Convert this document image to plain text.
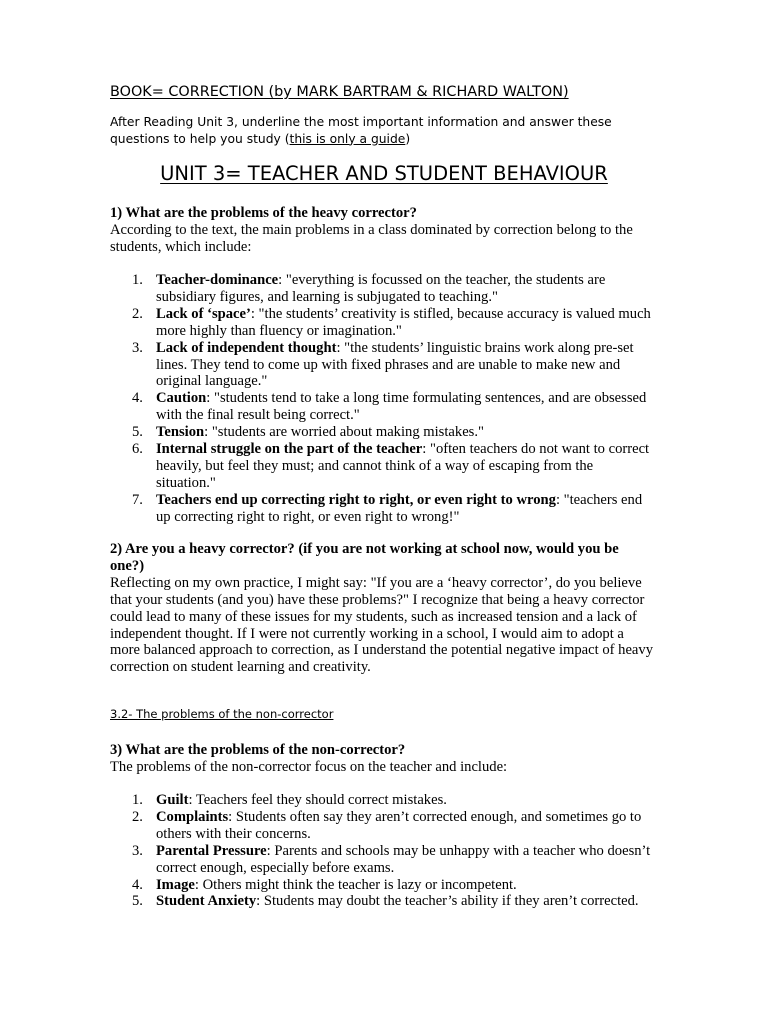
BOOK= CORRECTION (by MARK BARTRAM & RICHARD WALTON)
After Reading Unit 3, underline the most important information and answer these questions to help you study (this is only a guide)
UNIT 3= TEACHER AND STUDENT BEHAVIOUR
1) What are the problems of the heavy corrector?
According to the text, the main problems in a class dominated by correction belong to the students, which include:
1. Teacher-dominance: "everything is focussed on the teacher, the students are subsidiary figures, and learning is subjugated to teaching."
2. Lack of ‘space’: "the students’ creativity is stifled, because accuracy is valued much more highly than fluency or imagination."
3. Lack of independent thought: "the students’ linguistic brains work along pre-set lines. They tend to come up with fixed phrases and are unable to make new and original language."
4. Caution: "students tend to take a long time formulating sentences, and are obsessed with the final result being correct."
5. Tension: "students are worried about making mistakes."
6. Internal struggle on the part of the teacher: "often teachers do not want to correct heavily, but feel they must; and cannot think of a way of escaping from the situation."
7. Teachers end up correcting right to right, or even right to wrong: "teachers end up correcting right to right, or even right to wrong!"
2) Are you a heavy corrector? (if you are not working at school now, would you be one?)
Reflecting on my own practice, I might say: "If you are a ‘heavy corrector’, do you believe that your students (and you) have these problems?" I recognize that being a heavy corrector could lead to many of these issues for my students, such as increased tension and a lack of independent thought. If I were not currently working in a school, I would aim to adopt a more balanced approach to correction, as I understand the potential negative impact of heavy correction on student learning and creativity.
3.2- The problems of the non-corrector
3) What are the problems of the non-corrector?
The problems of the non-corrector focus on the teacher and include:
1. Guilt: Teachers feel they should correct mistakes.
2. Complaints: Students often say they aren’t corrected enough, and sometimes go to others with their concerns.
3. Parental Pressure: Parents and schools may be unhappy with a teacher who doesn’t correct enough, especially before exams.
4. Image: Others might think the teacher is lazy or incompetent.
5. Student Anxiety: Students may doubt the teacher’s ability if they aren’t corrected.
